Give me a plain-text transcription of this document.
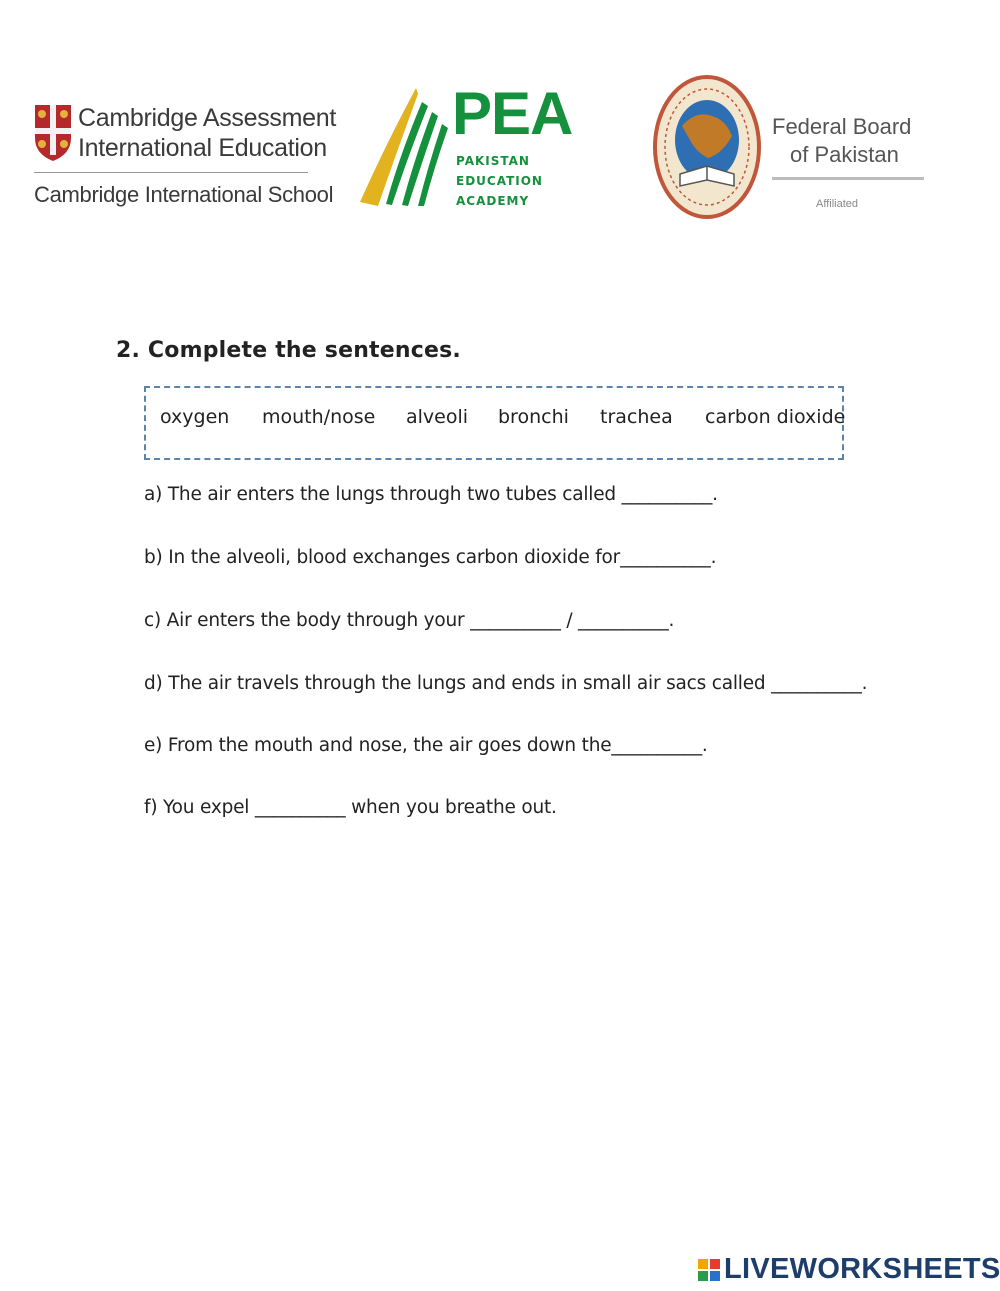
Cambridge Assessment
International Education
Cambridge International School
PEA
PAKISTAN
EDUCATION
ACADEMY
Federal Board
of Pakistan
Affiliated
2. Complete the sentences.
oxygen mouth/nose alveoli bronchi trachea carbon dioxide
a) The air enters the lungs through two tubes called __________.
b) In the alveoli, blood exchanges carbon dioxide for__________.
c) Air enters the body through your __________ / __________.
d) The air travels through the lungs and ends in small air sacs called __________.
e) From the mouth and nose, the air goes down the__________.
f) You expel __________ when you breathe out.
LIVEWORKSHEETS
